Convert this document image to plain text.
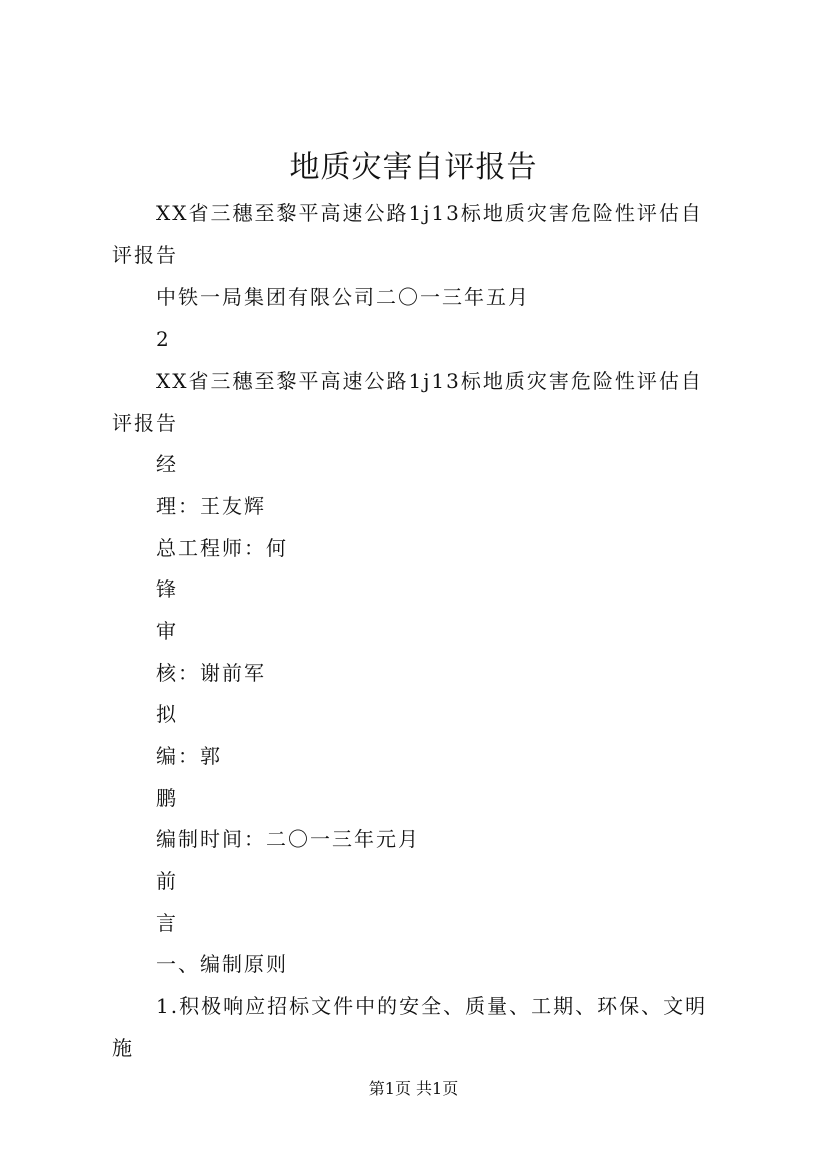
地质灾害自评报告

XX省三穗至黎平高速公路1j13标地质灾害危险性评估自评报告

中铁一局集团有限公司二〇一三年五月

2

XX省三穗至黎平高速公路1j13标地质灾害危险性评估自评报告

经

理：王友辉

总工程师：何

锋

审

核：谢前军

拟

编：郭

鹏

编制时间：二〇一三年元月

前

言

一、编制原则

1.积极响应招标文件中的安全、质量、工期、环保、文明施

第1页 共1页
